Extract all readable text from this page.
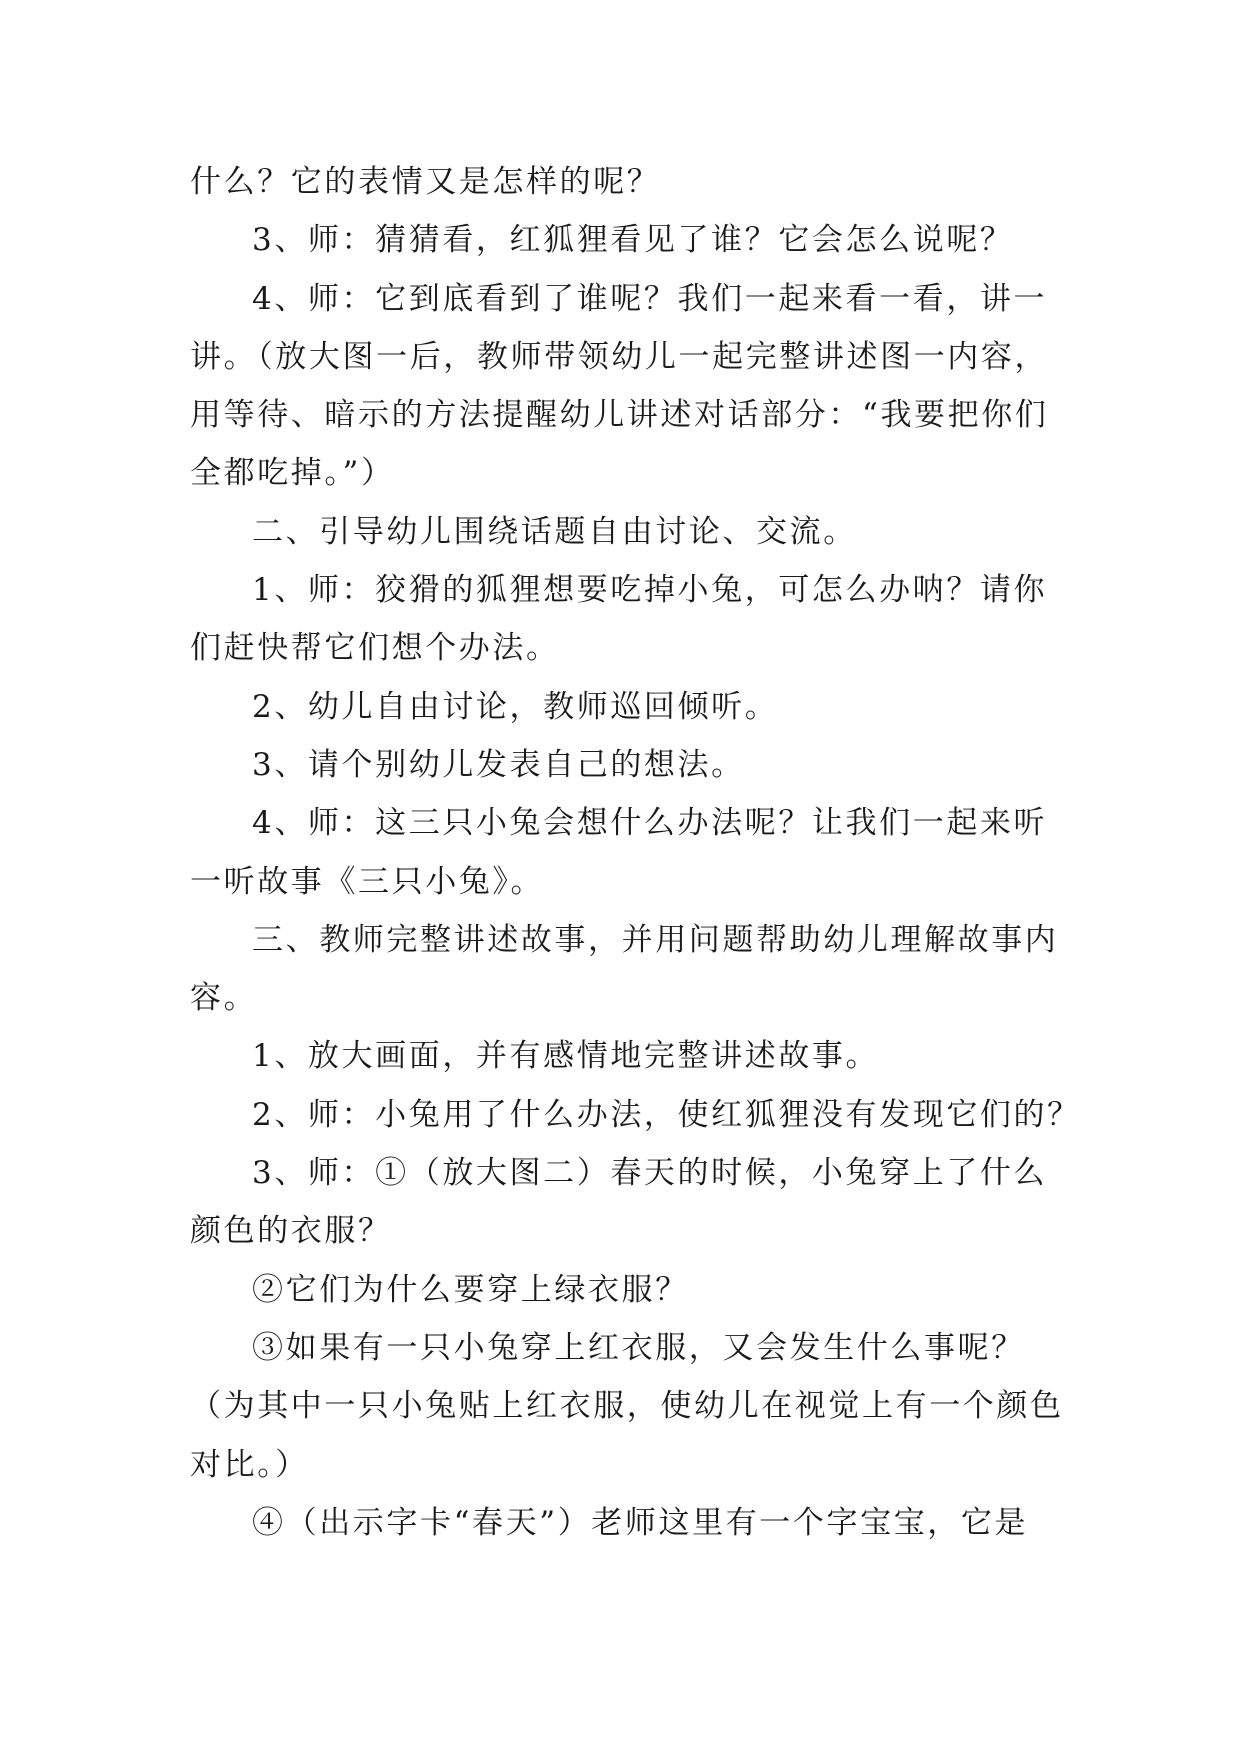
什么？它的表情又是怎样的呢？

3、师：猜猜看，红狐狸看见了谁？它会怎么说呢？

4、师：它到底看到了谁呢？我们一起来看一看，讲一

讲。（放大图一后，教师带领幼儿一起完整讲述图一内容，

用等待、暗示的方法提醒幼儿讲述对话部分：“我要把你们

全都吃掉。”）

二、引导幼儿围绕话题自由讨论、交流。

1、师：狡猾的狐狸想要吃掉小兔，可怎么办呐？请你

们赶快帮它们想个办法。

2、幼儿自由讨论，教师巡回倾听。

3、请个别幼儿发表自己的想法。

4、师：这三只小兔会想什么办法呢？让我们一起来听

一听故事《三只小兔》。

三、教师完整讲述故事，并用问题帮助幼儿理解故事内

容。

1、放大画面，并有感情地完整讲述故事。

2、师：小兔用了什么办法，使红狐狸没有发现它们的？

3、师：①（放大图二）春天的时候，小兔穿上了什么

颜色的衣服？

②它们为什么要穿上绿衣服？

③如果有一只小兔穿上红衣服，又会发生什么事呢？

（为其中一只小兔贴上红衣服，使幼儿在视觉上有一个颜色

对比。）

④（出示字卡“春天”）老师这里有一个字宝宝，它是
